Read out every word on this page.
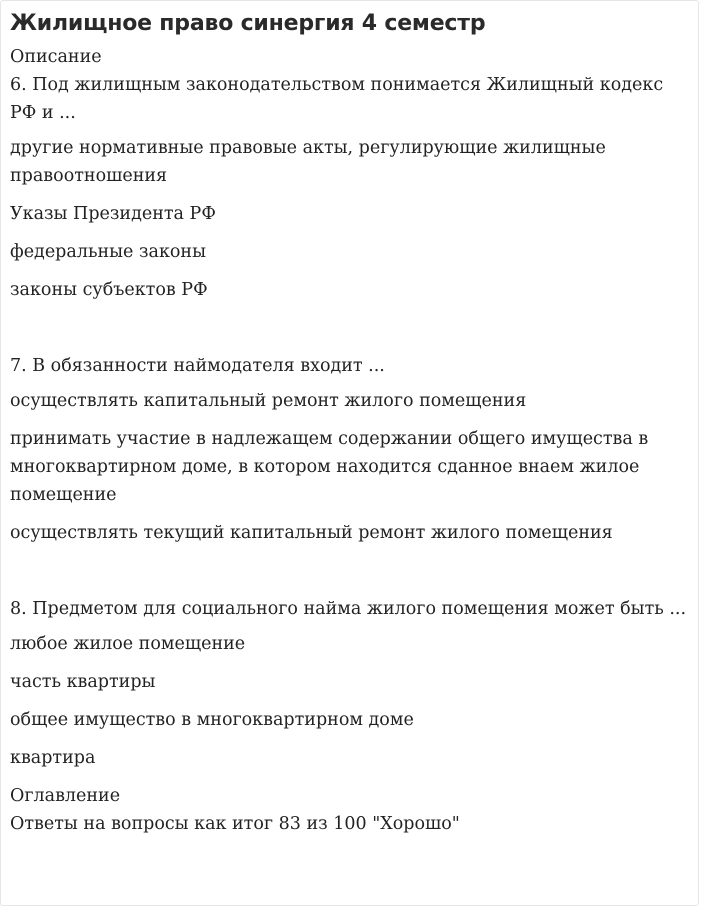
Жилищное право синергия 4 семестр

Описание

6. Под жилищным законодательством понимается Жилищный кодекс РФ и ...

другие нормативные правовые акты, регулирующие жилищные правоотношения

Указы Президента РФ

федеральные законы

законы субъектов РФ

7. В обязанности наймодателя входит ...

осуществлять капитальный ремонт жилого помещения

принимать участие в надлежащем содержании общего имущества в многоквартирном доме, в котором находится сданное внаем жилое помещение

осуществлять текущий капитальный ремонт жилого помещения

8. Предметом для социального найма жилого помещения может быть ...

любое жилое помещение

часть квартиры

общее имущество в многоквартирном доме

квартира

Оглавление

Ответы на вопросы как итог 83 из 100 "Хорошо"
